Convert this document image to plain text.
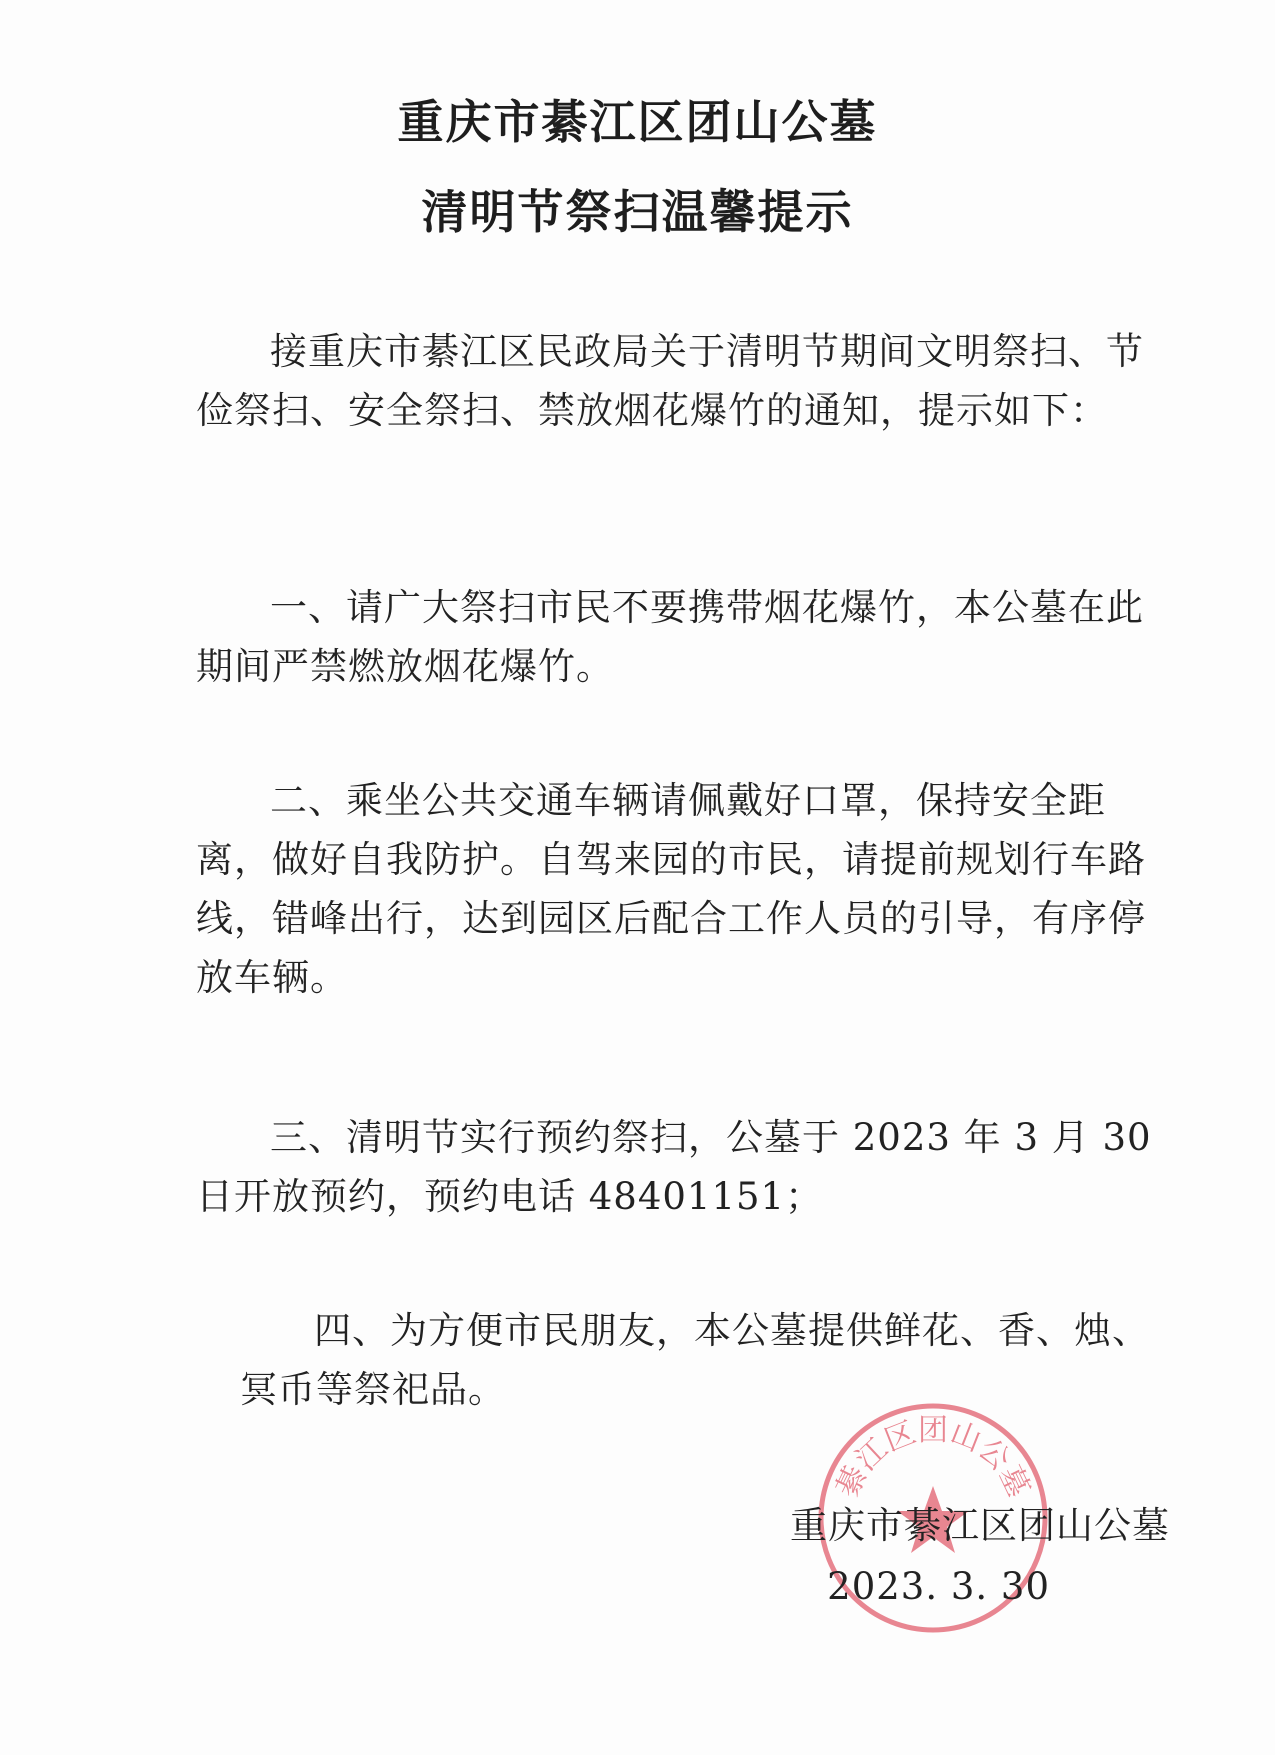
重庆市綦江区团山公墓
清明节祭扫温馨提示

接重庆市綦江区民政局关于清明节期间文明祭扫、节俭祭扫、安全祭扫、禁放烟花爆竹的通知，提示如下：

一、请广大祭扫市民不要携带烟花爆竹，本公墓在此期间严禁燃放烟花爆竹。

二、乘坐公共交通车辆请佩戴好口罩，保持安全距离，做好自我防护。自驾来园的市民，请提前规划行车路线，错峰出行，达到园区后配合工作人员的引导，有序停放车辆。

三、清明节实行预约祭扫，公墓于 2023 年 3 月 30 日开放预约，预约电话 48401151；

四、为方便市民朋友，本公墓提供鲜花、香、烛、冥币等祭祀品。

綦江区团山公墓
重庆市綦江区团山公墓
2023. 3. 30
